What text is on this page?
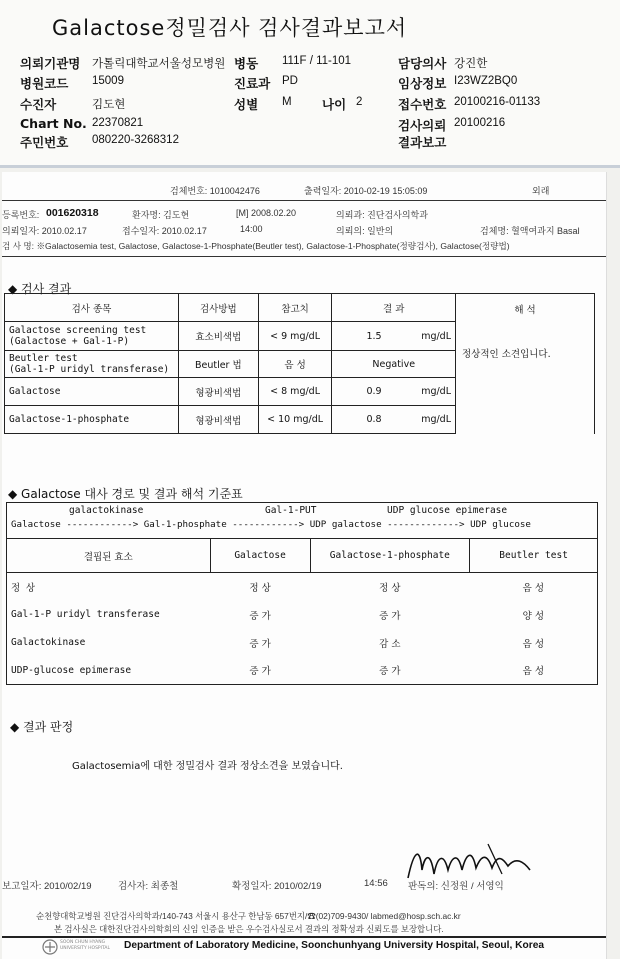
Galactose정밀검사 검사결과보고서
의뢰기관명 가톨릭대학교서울성모병원 병동 111F / 11-101	담당의사 강진한
병원코드 15009	진료과 PD	임상정보 I23WZ2BQ0
수진자	김도현	성별 M 나이 2	접수번호 20100216-01133
Chart No. 22370821	검사의뢰 20100216
주민번호 080220-3268312	결과보고
검체번호: 1010042476	출력일자: 2010-02-19 15:05:09	외래
등록번호: 001620318	환자명: 김도현	[M] 2008.02.20	의뢰과: 진단검사의학과
의뢰일자: 2010.02.17	접수일자: 2010.02.17	14:00	의뢰의: 일반의	검체명: 혈액여과지 Basal
검 사 명: ※Galactosemia test, Galactose, Galactose-1-Phosphate(Beutler test), Galactose-1-Phosphate(정량검사), Galactose(정량법)
◆ 검사 결과
검사 종목	검사방법	참고치	결 과
Galactose screening test
(Galactose + Gal-1-P)	효소비색법	< 9 mg/dL	1.5 mg/dL

Beutler test
(Gal-1-P uridyl transferase)	Beutler 법	음 성	Negative
Galactose	형광비색법	< 8 mg/dL	0.9 mg/dL

Galactose-1-phosphate	형광비색법	< 10 mg/dL	0.8 mg/dL
해 석
정상적인 소견입니다.
◆ Galactose 대사 경로 및 결과 해석 기준표
galactokinase	Gal-1-PUT	UDP glucose epimerase
Galactose ------------> Gal-1-phosphate ------------> UDP galactose -------------> UDP glucose
결핍된 효소	Galactose	Galactose-1-phosphate	Beutler test
정 상	정 상	정 상	음 성
Gal-1-P uridyl transferase	증 가	증 가	양 성
Galactokinase	증 가	감 소	음 성
UDP-glucose epimerase	증 가	증 가	음 성
◆ 결과 판정
Galactosemia에 대한 정밀검사 결과 정상소견을 보였습니다.
보고일자: 2010/02/19	검사자: 최종철	확정일자: 2010/02/19	14:56 판독의: 신정원 / 서영익
순천향대학교병원 진단검사의학과/140-743 서울시 용산구 한남동 657번지/☎(02)709-9430/ labmed@hosp.sch.ac.kr
본 검사실은 대한진단검사의학회의 신임 인증을 받은 우수검사실로서 결과의 정확성과 신뢰도를 보장합니다.
SOON CHUN HYANG UNIVERSITY HOSPITAL	Department of Laboratory Medicine, Soonchunhyang University Hospital, Seoul, Korea
